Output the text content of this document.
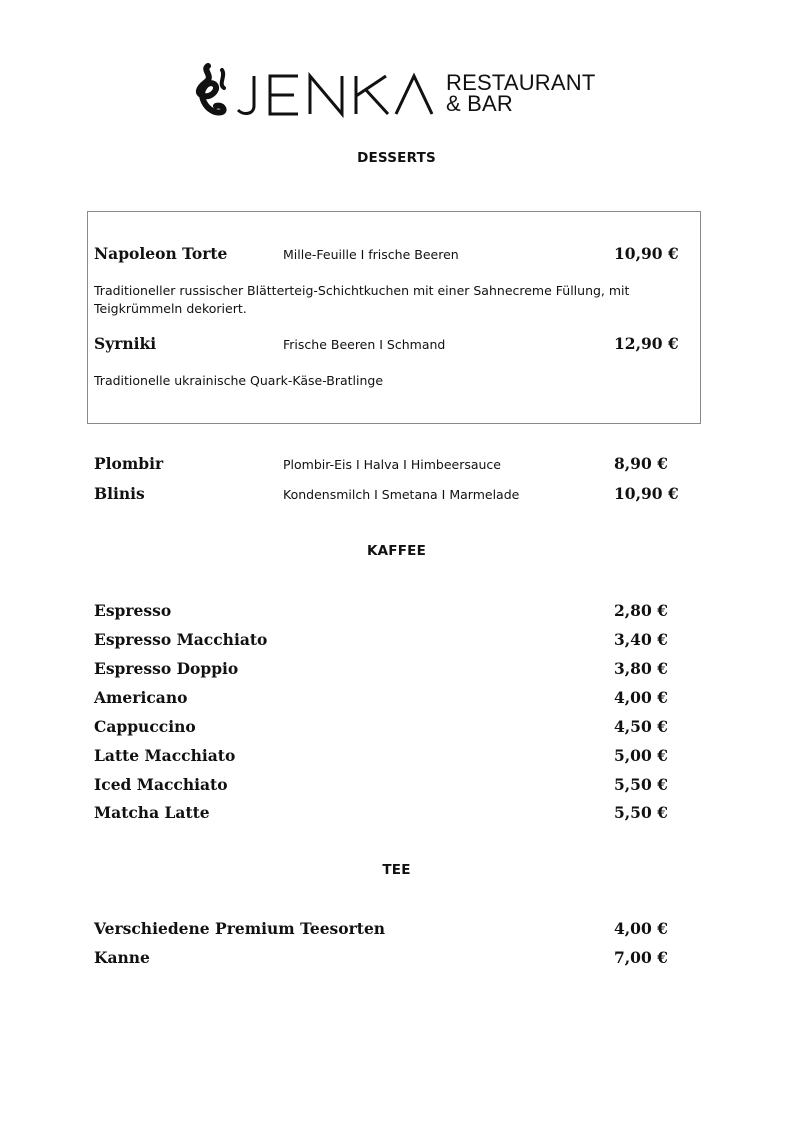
RESTAURANT
& BAR
DESSERTS
Napoleon Torte	Mille-Feuille I frische Beeren	10,90 €
Traditioneller russischer Blätterteig-Schichtkuchen mit einer Sahnecreme Füllung, mit Teigkrümmeln dekoriert.
Syrniki	Frische Beeren I Schmand	12,90 €
Traditionelle ukrainische Quark-Käse-Bratlinge
Plombir	Plombir-Eis I Halva I Himbeersauce	8,90 €
Blinis	Kondensmilch I Smetana I Marmelade	10,90 €
KAFFEE
Espresso	2,80 €
Espresso Macchiato	3,40 €
Espresso Doppio	3,80 €
Americano	4,00 €
Cappuccino	4,50 €
Latte Macchiato	5,00 €
Iced Macchiato	5,50 €
Matcha Latte	5,50 €
TEE
Verschiedene Premium Teesorten	4,00 €
Kanne	7,00 €
